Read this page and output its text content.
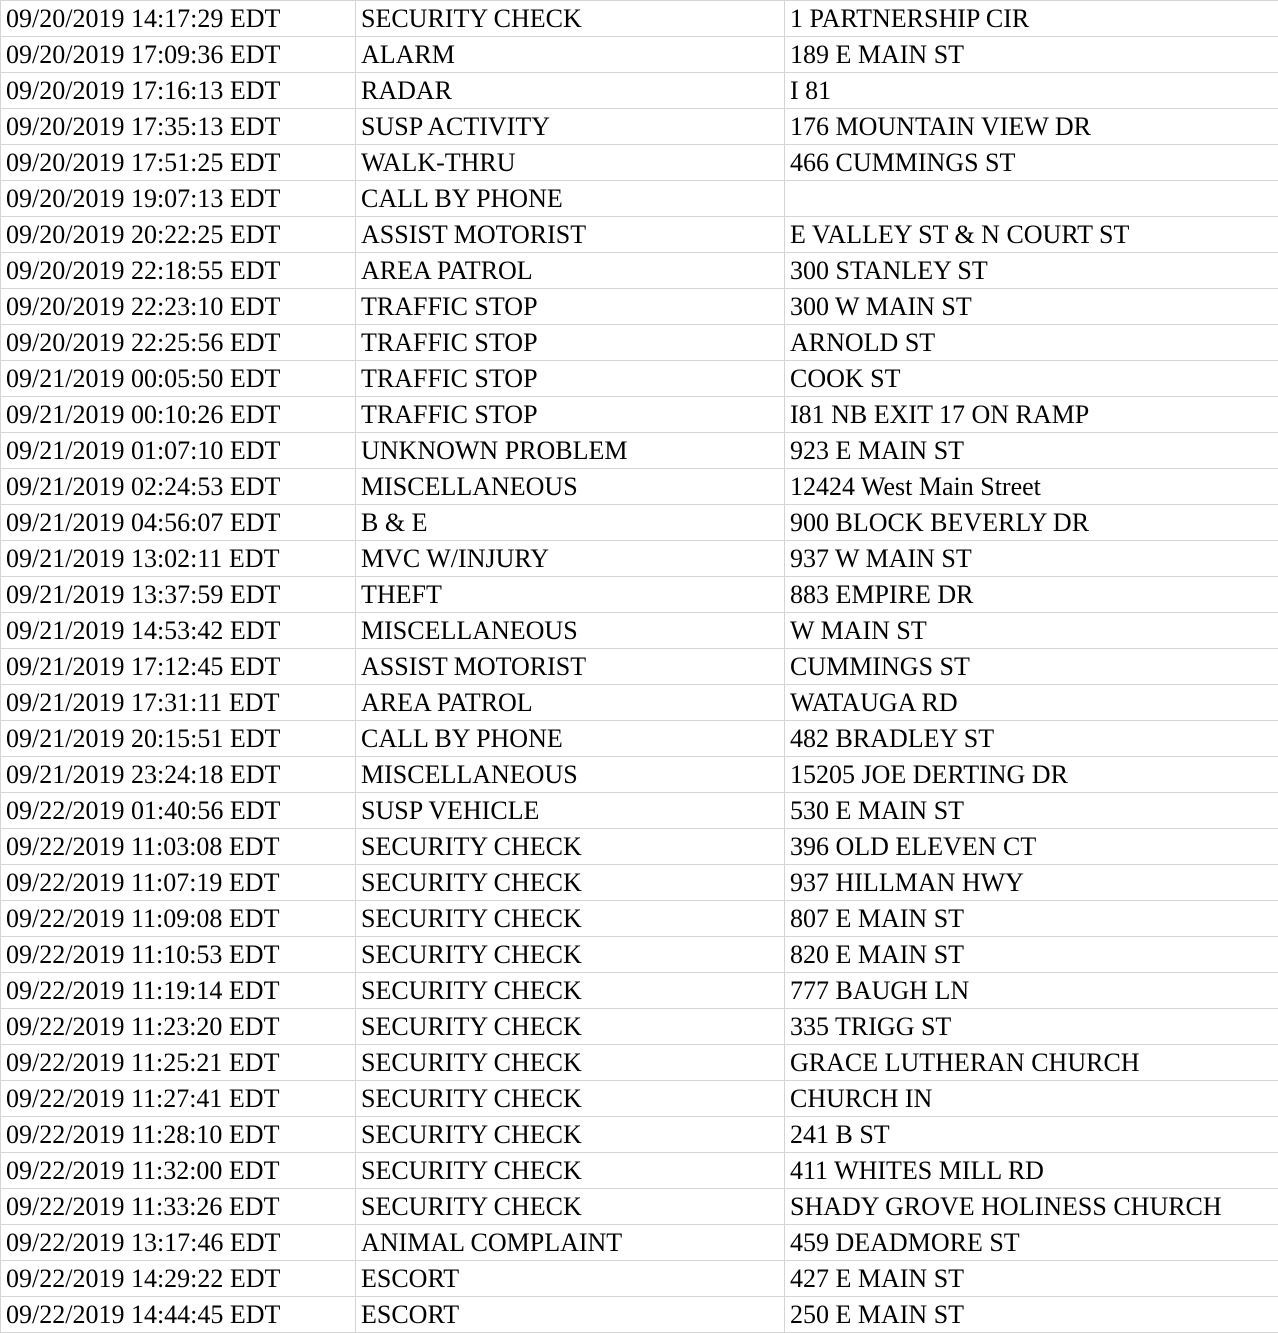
09/20/2019 14:17:29 EDT	SECURITY CHECK	1 PARTNERSHIP CIR
09/20/2019 17:09:36 EDT	ALARM	189 E MAIN ST
09/20/2019 17:16:13 EDT	RADAR	I 81
09/20/2019 17:35:13 EDT	SUSP ACTIVITY	176 MOUNTAIN VIEW DR
09/20/2019 17:51:25 EDT	WALK-THRU	466 CUMMINGS ST
09/20/2019 19:07:13 EDT	CALL BY PHONE	
09/20/2019 20:22:25 EDT	ASSIST MOTORIST	E VALLEY ST & N COURT ST
09/20/2019 22:18:55 EDT	AREA PATROL	300 STANLEY ST
09/20/2019 22:23:10 EDT	TRAFFIC STOP	300 W MAIN ST
09/20/2019 22:25:56 EDT	TRAFFIC STOP	ARNOLD ST
09/21/2019 00:05:50 EDT	TRAFFIC STOP	COOK ST
09/21/2019 00:10:26 EDT	TRAFFIC STOP	I81 NB EXIT 17 ON RAMP
09/21/2019 01:07:10 EDT	UNKNOWN PROBLEM	923 E MAIN ST
09/21/2019 02:24:53 EDT	MISCELLANEOUS	12424 West Main Street
09/21/2019 04:56:07 EDT	B & E	900 BLOCK BEVERLY DR
09/21/2019 13:02:11 EDT	MVC W/INJURY	937 W MAIN ST
09/21/2019 13:37:59 EDT	THEFT	883 EMPIRE DR
09/21/2019 14:53:42 EDT	MISCELLANEOUS	W MAIN ST
09/21/2019 17:12:45 EDT	ASSIST MOTORIST	CUMMINGS ST
09/21/2019 17:31:11 EDT	AREA PATROL	WATAUGA RD
09/21/2019 20:15:51 EDT	CALL BY PHONE	482 BRADLEY ST
09/21/2019 23:24:18 EDT	MISCELLANEOUS	15205 JOE DERTING DR
09/22/2019 01:40:56 EDT	SUSP VEHICLE	530 E MAIN ST
09/22/2019 11:03:08 EDT	SECURITY CHECK	396 OLD ELEVEN CT
09/22/2019 11:07:19 EDT	SECURITY CHECK	937 HILLMAN HWY
09/22/2019 11:09:08 EDT	SECURITY CHECK	807 E MAIN ST
09/22/2019 11:10:53 EDT	SECURITY CHECK	820 E MAIN ST
09/22/2019 11:19:14 EDT	SECURITY CHECK	777 BAUGH LN
09/22/2019 11:23:20 EDT	SECURITY CHECK	335 TRIGG ST
09/22/2019 11:25:21 EDT	SECURITY CHECK	GRACE LUTHERAN CHURCH
09/22/2019 11:27:41 EDT	SECURITY CHECK	CHURCH IN
09/22/2019 11:28:10 EDT	SECURITY CHECK	241 B ST
09/22/2019 11:32:00 EDT	SECURITY CHECK	411 WHITES MILL RD
09/22/2019 11:33:26 EDT	SECURITY CHECK	SHADY GROVE HOLINESS CHURCH
09/22/2019 13:17:46 EDT	ANIMAL COMPLAINT	459 DEADMORE ST
09/22/2019 14:29:22 EDT	ESCORT	427 E MAIN ST
09/22/2019 14:44:45 EDT	ESCORT	250 E MAIN ST
